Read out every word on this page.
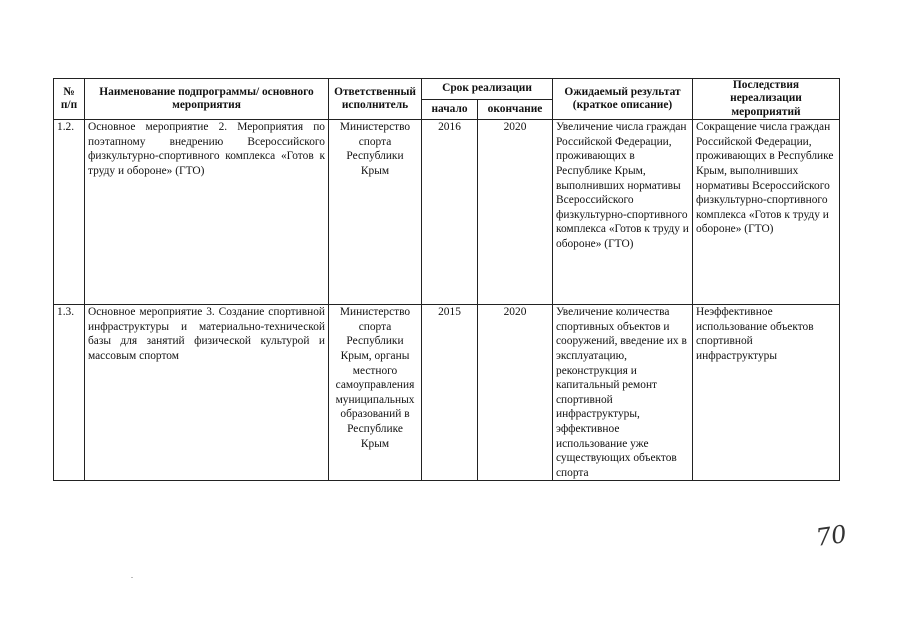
№ п/п	Наименование подпрограммы/ основного мероприятия	Ответственный исполнитель	Срок реализации		Ожидаемый результат (краткое описание)	Последствия нереализации мероприятий
			начало	окончание		
1.2.	Основное мероприятие 2. Мероприятия по поэтапному внедрению Всероссийского физкультурно-спортивного комплекса «Готов к труду и обороне» (ГТО)	Министерство спорта Республики Крым	2016	2020	Увеличение числа граждан Российской Федерации, проживающих в Республике Крым, выполнивших нормативы Всероссийского физкультурно-спортивного комплекса «Готов к труду и обороне» (ГТО)	Сокращение числа граждан Российской Федерации, проживающих в Республике Крым, выполнивших нормативы Всероссийского физкультурно-спортивного комплекса «Готов к труду и обороне» (ГТО)
1.3.	Основное мероприятие 3. Создание спортивной инфраструктуры и материально-технической базы для занятий физической культурой и массовым спортом	Министерство спорта Республики Крым, органы местного самоуправления муниципальных образований в Республике Крым	2015	2020	Увеличение количества спортивных объектов и сооружений, введение их в эксплуатацию, реконструкция и капитальный ремонт спортивной инфраструктуры, эффективное использование уже существующих объектов спорта	Неэффективное использование объектов спортивной инфраструктуры
70
